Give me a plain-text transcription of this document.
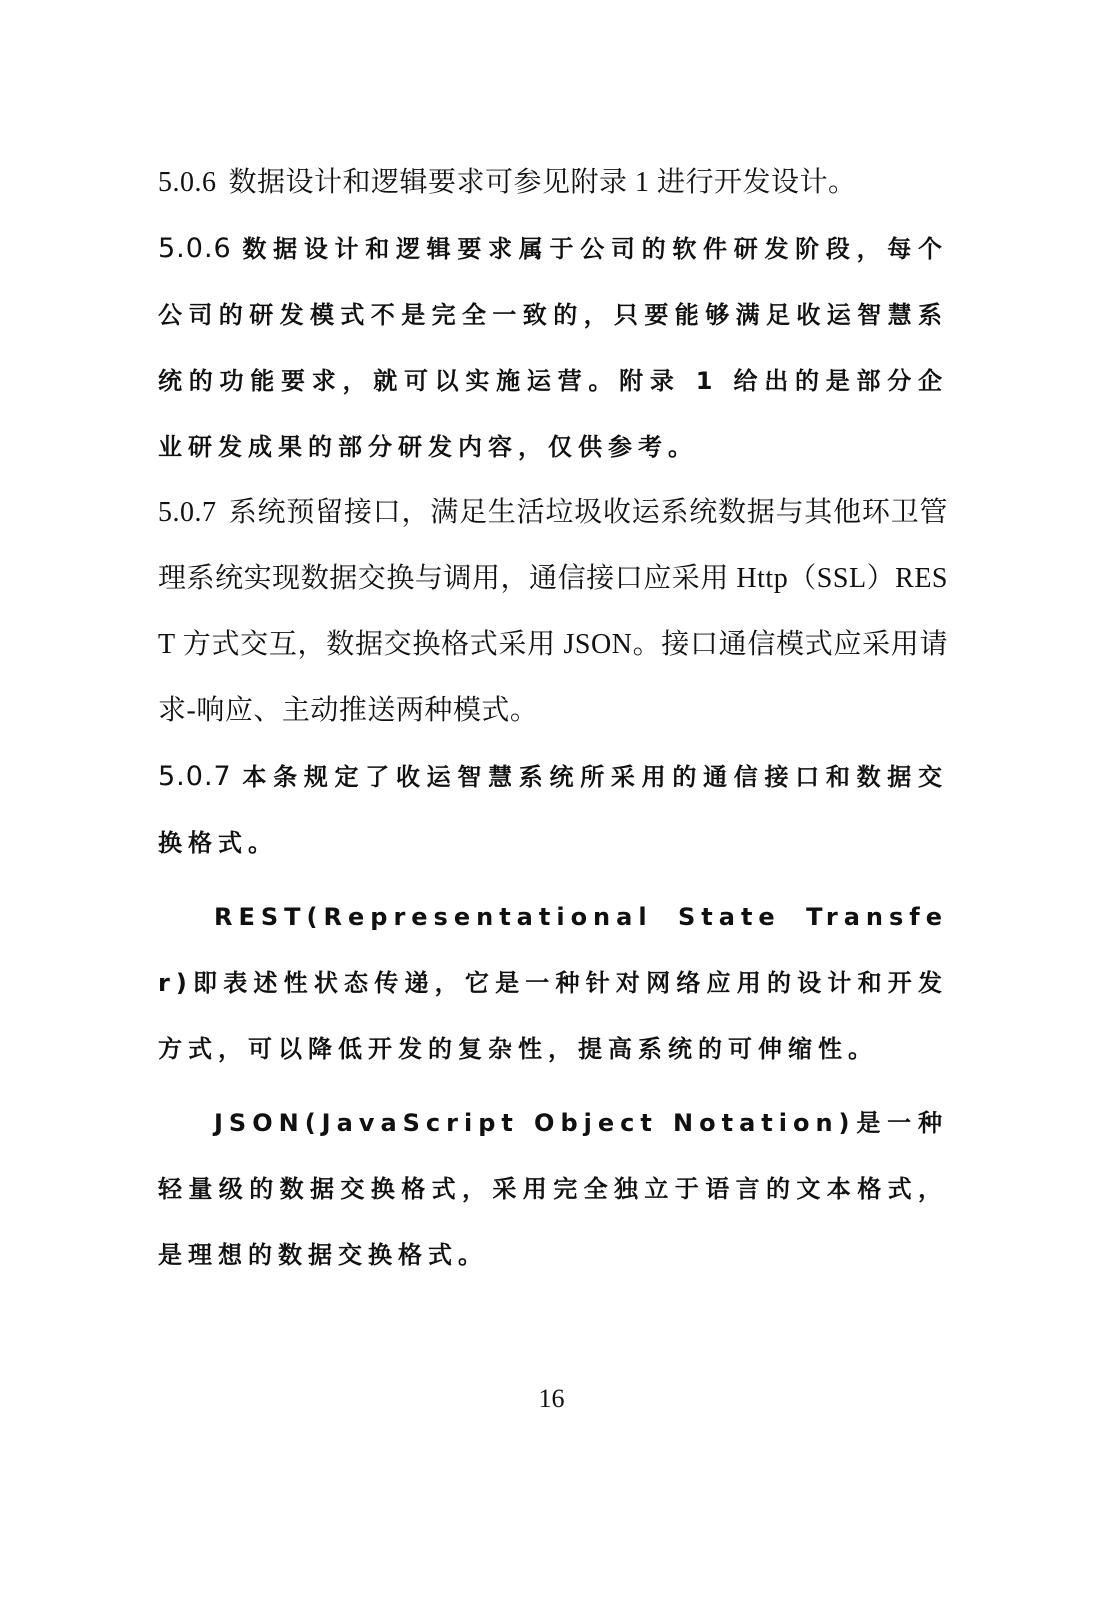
5.0.6 数据设计和逻辑要求可参见附录 1 进行开发设计。

5.0.6 数据设计和逻辑要求属于公司的软件研发阶段，每个公司的研发模式不是完全一致的，只要能够满足收运智慧系统的功能要求，就可以实施运营。附录 1 给出的是部分企业研发成果的部分研发内容，仅供参考。

5.0.7 系统预留接口，满足生活垃圾收运系统数据与其他环卫管理系统实现数据交换与调用，通信接口应采用 Http（SSL）REST 方式交互，数据交换格式采用 JSON。接口通信模式应采用请求-响应、主动推送两种模式。

5.0.7 本条规定了收运智慧系统所采用的通信接口和数据交换格式。

REST(Representational State Transfer)即表述性状态传递，它是一种针对网络应用的设计和开发方式，可以降低开发的复杂性，提高系统的可伸缩性。

JSON(JavaScript Object Notation)是一种轻量级的数据交换格式，采用完全独立于语言的文本格式，是理想的数据交换格式。

16
